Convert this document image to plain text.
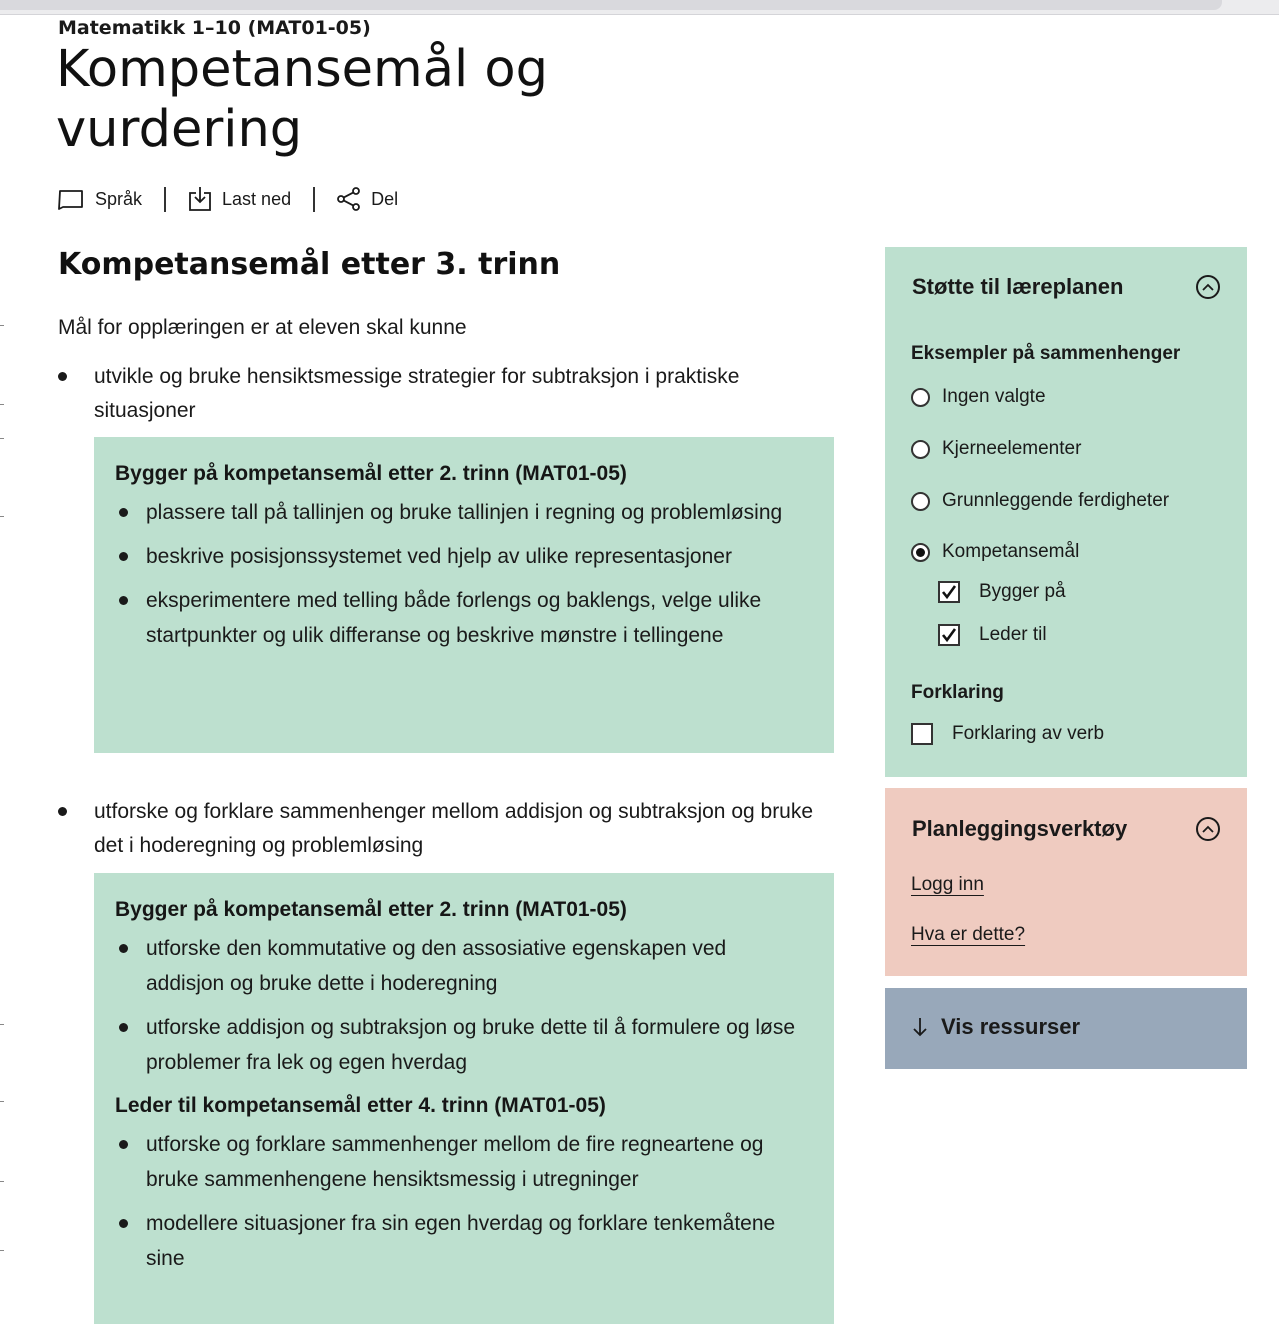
Matematikk 1–10 (MAT01-05)

Kompetansemål og vurdering
Språk	Last ned	Del
Kompetansemål etter 3. trinn

Mål for opplæringen er at eleven skal kunne

utvikle og bruke hensiktsmessige strategier for subtraksjon i praktiske situasjoner

Bygger på kompetansemål etter 2. trinn (MAT01-05)

plassere tall på tallinjen og bruke tallinjen i regning og problemløsing
beskrive posisjonssystemet ved hjelp av ulike representasjoner
eksperimentere med telling både forlengs og baklengs, velge ulike startpunkter og ulik differanse og beskrive mønstre i tellingene

utforske og forklare sammenhenger mellom addisjon og subtraksjon og bruke det i hoderegning og problemløsing

Bygger på kompetansemål etter 2. trinn (MAT01-05)

utforske den kommutative og den assosiative egenskapen ved addisjon og bruke dette i hoderegning
utforske addisjon og subtraksjon og bruke dette til å formulere og løse problemer fra lek og egen hverdag

Leder til kompetansemål etter 4. trinn (MAT01-05)

utforske og forklare sammenhenger mellom de fire regneartene og bruke sammenhengene hensiktsmessig i utregninger
modellere situasjoner fra sin egen hverdag og forklare tenkemåtene sine

Støtte til læreplanen

Eksempler på sammenhenger

Ingen valgte
Kjerneelementer
Grunnleggende ferdigheter
Kompetansemål
Bygger på
Leder til

Forklaring

Forklaring av verb

Planleggingsverktøy

Logg inn
Hva er dette?
Vis ressurser
